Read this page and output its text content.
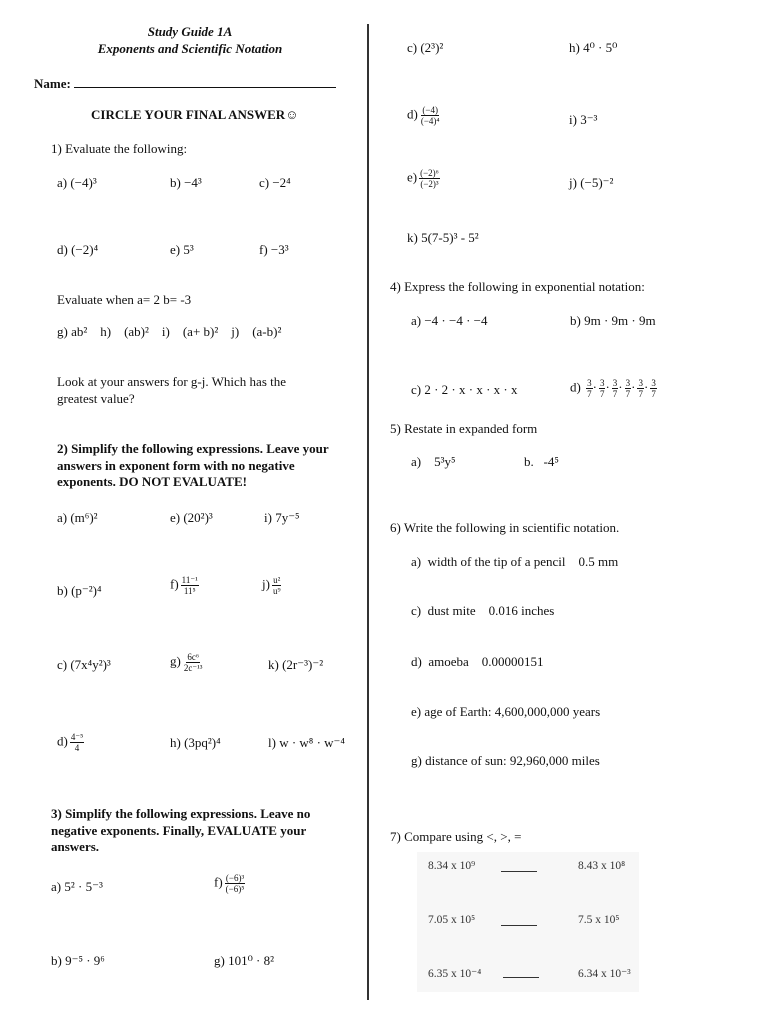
Study Guide 1A
Exponents and Scientific Notation
Name:
CIRCLE YOUR FINAL ANSWER☺
1) Evaluate the following:
a) (−4)³	b) −4³	c) −2⁴
d) (−2)⁴	e) 5³	f) −3³
Evaluate when a= 2 b= -3
g) ab²    h)    (ab)²    i)    (a+ b)²    j)    (a-b)²
Look at your answers for g-j. Which has the greatest value?
2) Simplify the following expressions. Leave your answers in exponent form with no negative exponents. DO NOT EVALUATE!
a) (m⁶)²	e) (20²)³	i) 7y⁻⁵
b) (p⁻²)⁴	$f) \frac{\text{11⁻¹}}{\text{11⁵}}$	$j) \frac{\text{u²}}{\text{u⁹}}$
c) (7x⁴y²)³	$g) \frac{\text{6c⁶}}{\text{2c⁻¹³}}$	k) (2r⁻³)⁻²
$d) \frac{\text{4⁻⁵}}{4}$	h) (3pq²)⁴	l) w · w⁸ · w⁻⁴
3) Simplify the following expressions. Leave no negative exponents. Finally, EVALUATE your answers.
a) 5² · 5⁻³	$f) \frac{\text{(−6)³}}{\text{(−6)⁵}}$
b) 9⁻⁵ · 9⁶	g) 101⁰ · 8²
c) (2³)²	h) 4⁰ · 5⁰
$d) \frac{(-4)}{\text{(−4)⁴}}$	i) 3⁻³
$e) \frac{\text{(−2)⁶}}{\text{(−2)³}}$	j) (−5)⁻²
k) 5(7-5)³ - 5²
4) Express the following in exponential notation:
a) −4 · −4 · −4	b) 9m · 9m · 9m
c) 2 · 2 · x · x · x · x	$d) \frac{3}{7} \cdot \frac{3}{7} \cdot \frac{3}{7} \cdot \frac{3}{7} \cdot \frac{3}{7} \cdot \frac{3}{7}$
5) Restate in expanded form
a)    5³y⁵	b.   -4⁵
6) Write the following in scientific notation.
a)  width of the tip of a pencil    0.5 mm
c)  dust mite    0.016 inches
d)  amoeba    0.00000151
e) age of Earth: 4,600,000,000 years
g) distance of sun: 92,960,000 miles
7) Compare using <, >, =
8.34 x 10⁹	8.43 x 10⁸
7.05 x 10⁵	7.5 x 10⁵
6.35 x 10⁻⁴	6.34 x 10⁻³
